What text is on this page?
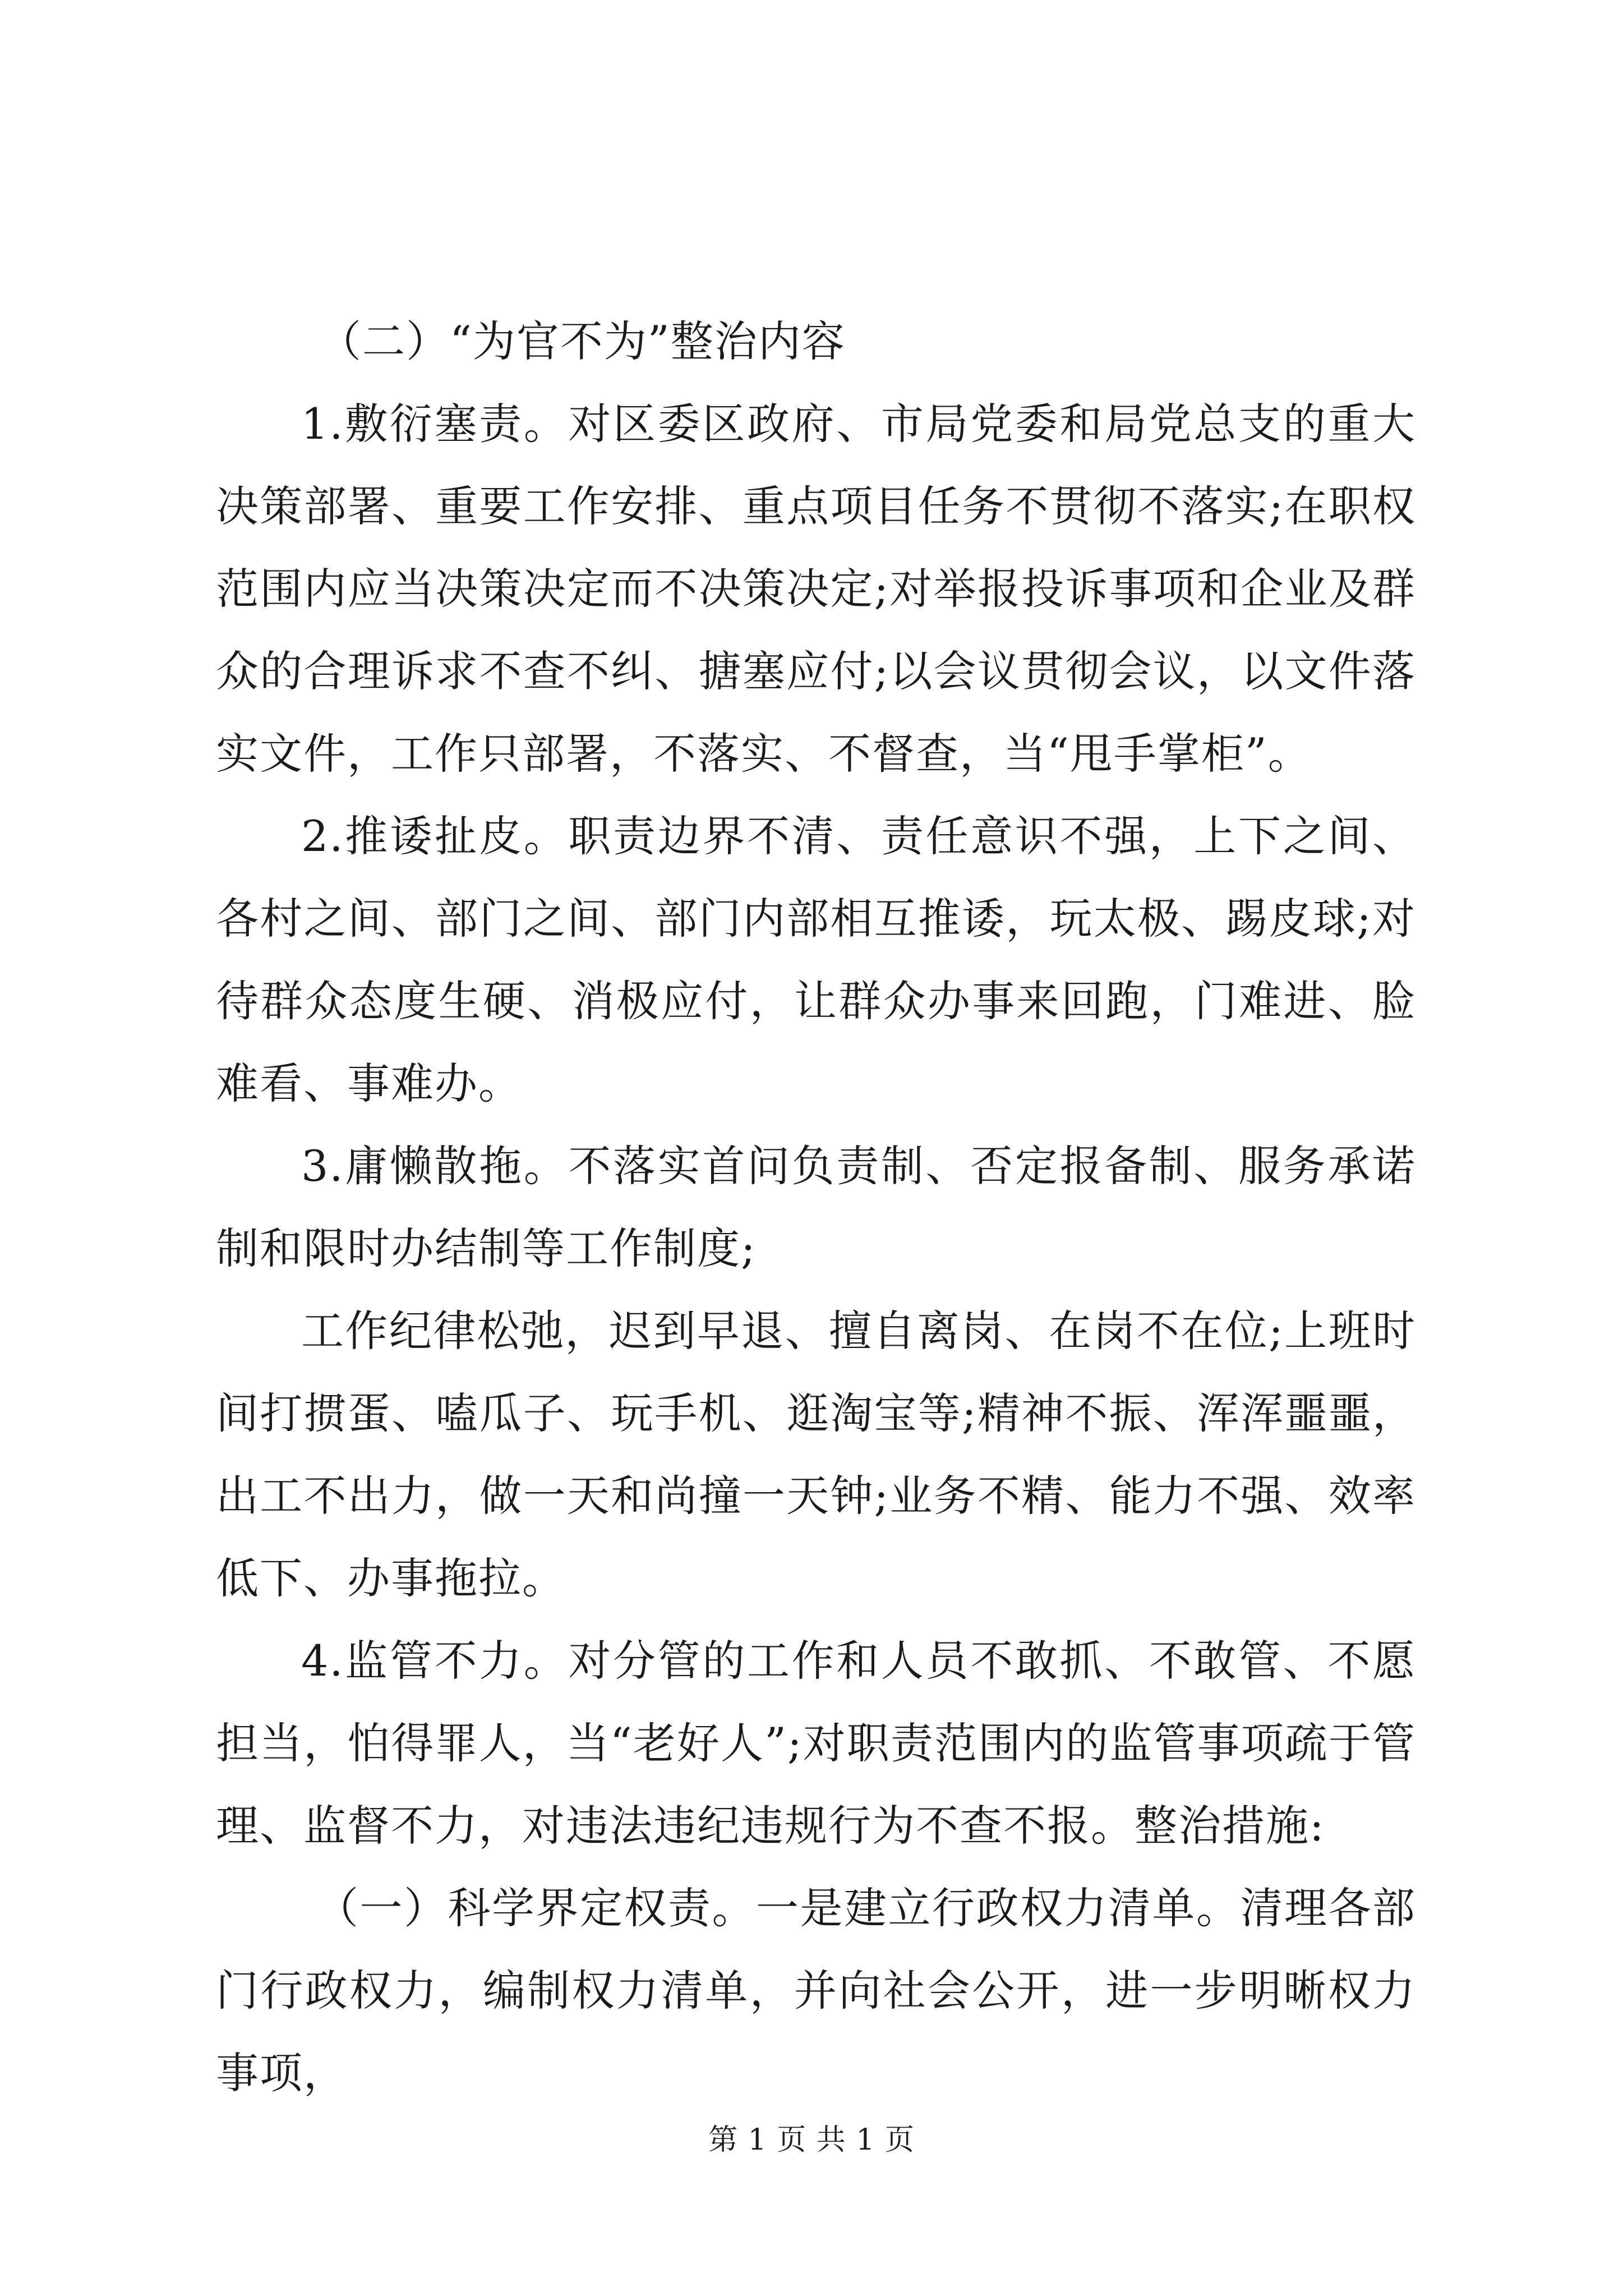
（二）“为官不为”整治内容

1.敷衍塞责。对区委区政府、市局党委和局党总支的重大决策部署、重要工作安排、重点项目任务不贯彻不落实;在职权范围内应当决策决定而不决策决定;对举报投诉事项和企业及群众的合理诉求不查不纠、搪塞应付;以会议贯彻会议，以文件落实文件，工作只部署，不落实、不督查，当“甩手掌柜”。

2.推诿扯皮。职责边界不清、责任意识不强，上下之间、各村之间、部门之间、部门内部相互推诿，玩太极、踢皮球;对待群众态度生硬、消极应付，让群众办事来回跑，门难进、脸难看、事难办。

3.庸懒散拖。不落实首问负责制、否定报备制、服务承诺制和限时办结制等工作制度;

工作纪律松弛，迟到早退、擅自离岗、在岗不在位;上班时间打掼蛋、嗑瓜子、玩手机、逛淘宝等;精神不振、浑浑噩噩，出工不出力，做一天和尚撞一天钟;业务不精、能力不强、效率低下、办事拖拉。

4.监管不力。对分管的工作和人员不敢抓、不敢管、不愿担当，怕得罪人，当“老好人”;对职责范围内的监管事项疏于管理、监督不力，对违法违纪违规行为不查不报。整治措施:

（一）科学界定权责。一是建立行政权力清单。清理各部门行政权力，编制权力清单，并向社会公开，进一步明晰权力事项，

第 1 页 共 1 页
